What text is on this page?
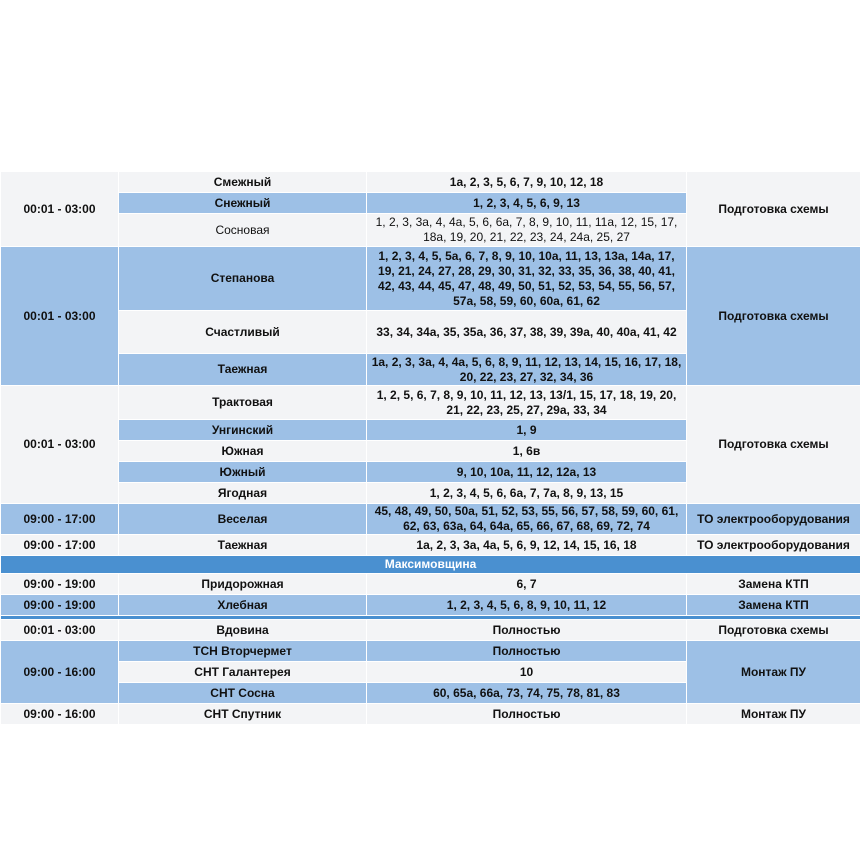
00:01 - 03:00	Смежный	1а, 2, 3, 5, 6, 7, 9, 10, 12, 18	Подготовка схемы
	Снежный	1, 2, 3, 4, 5, 6, 9, 13	
	Сосновая	1, 2, 3, 3а, 4, 4а, 5, 6, 6а, 7, 8, 9, 10, 11, 11а, 12, 15, 17, 18а, 19, 20, 21, 22, 23, 24, 24а, 25, 27	
00:01 - 03:00	Степанова	1, 2, 3, 4, 5, 5а, 6, 7, 8, 9, 10, 10а, 11, 13, 13а, 14а, 17, 19, 21, 24, 27, 28, 29, 30, 31, 32, 33, 35, 36, 38, 40, 41, 42, 43, 44, 45, 47, 48, 49, 50, 51, 52, 53, 54, 55, 56, 57, 57а, 58, 59, 60, 60а, 61, 62	Подготовка схемы
	Счастливый	33, 34, 34а, 35, 35а, 36, 37, 38, 39, 39а, 40, 40а, 41, 42	
	Таежная	1а, 2, 3, 3а, 4, 4а, 5, 6, 8, 9, 11, 12, 13, 14, 15, 16, 17, 18, 20, 22, 23, 27, 32, 34, 36	
00:01 - 03:00	Трактовая	1, 2, 5, 6, 7, 8, 9, 10, 11, 12, 13, 13/1, 15, 17, 18, 19, 20, 21, 22, 23, 25, 27, 29а, 33, 34	Подготовка схемы
	Унгинский	1, 9	
	Южная	1, 6в	
	Южный	9, 10, 10а, 11, 12, 12а, 13	
	Ягодная	1, 2, 3, 4, 5, 6, 6а, 7, 7а, 8, 9, 13, 15	
09:00 - 17:00	Веселая	45, 48, 49, 50, 50а, 51, 52, 53, 55, 56, 57, 58, 59, 60, 61, 62, 63, 63а, 64, 64а, 65, 66, 67, 68, 69, 72, 74	ТО электрооборудования
09:00 - 17:00	Таежная	1а, 2, 3, 3а, 4а, 5, 6, 9, 12, 14, 15, 16, 18	ТО электрооборудования
Максимовщина			
09:00 - 19:00	Придорожная	6, 7	Замена КТП
09:00 - 19:00	Хлебная	1, 2, 3, 4, 5, 6, 8, 9, 10, 11, 12	Замена КТП

00:01 - 03:00	Вдовина	Полностью	Подготовка схемы
09:00 - 16:00	ТСН Вторчермет	Полностью	Монтаж ПУ
	СНТ Галантерея	10	
	СНТ Сосна	60, 65а, 66а, 73, 74, 75, 78, 81, 83	
09:00 - 16:00	СНТ Спутник	Полностью	Монтаж ПУ
